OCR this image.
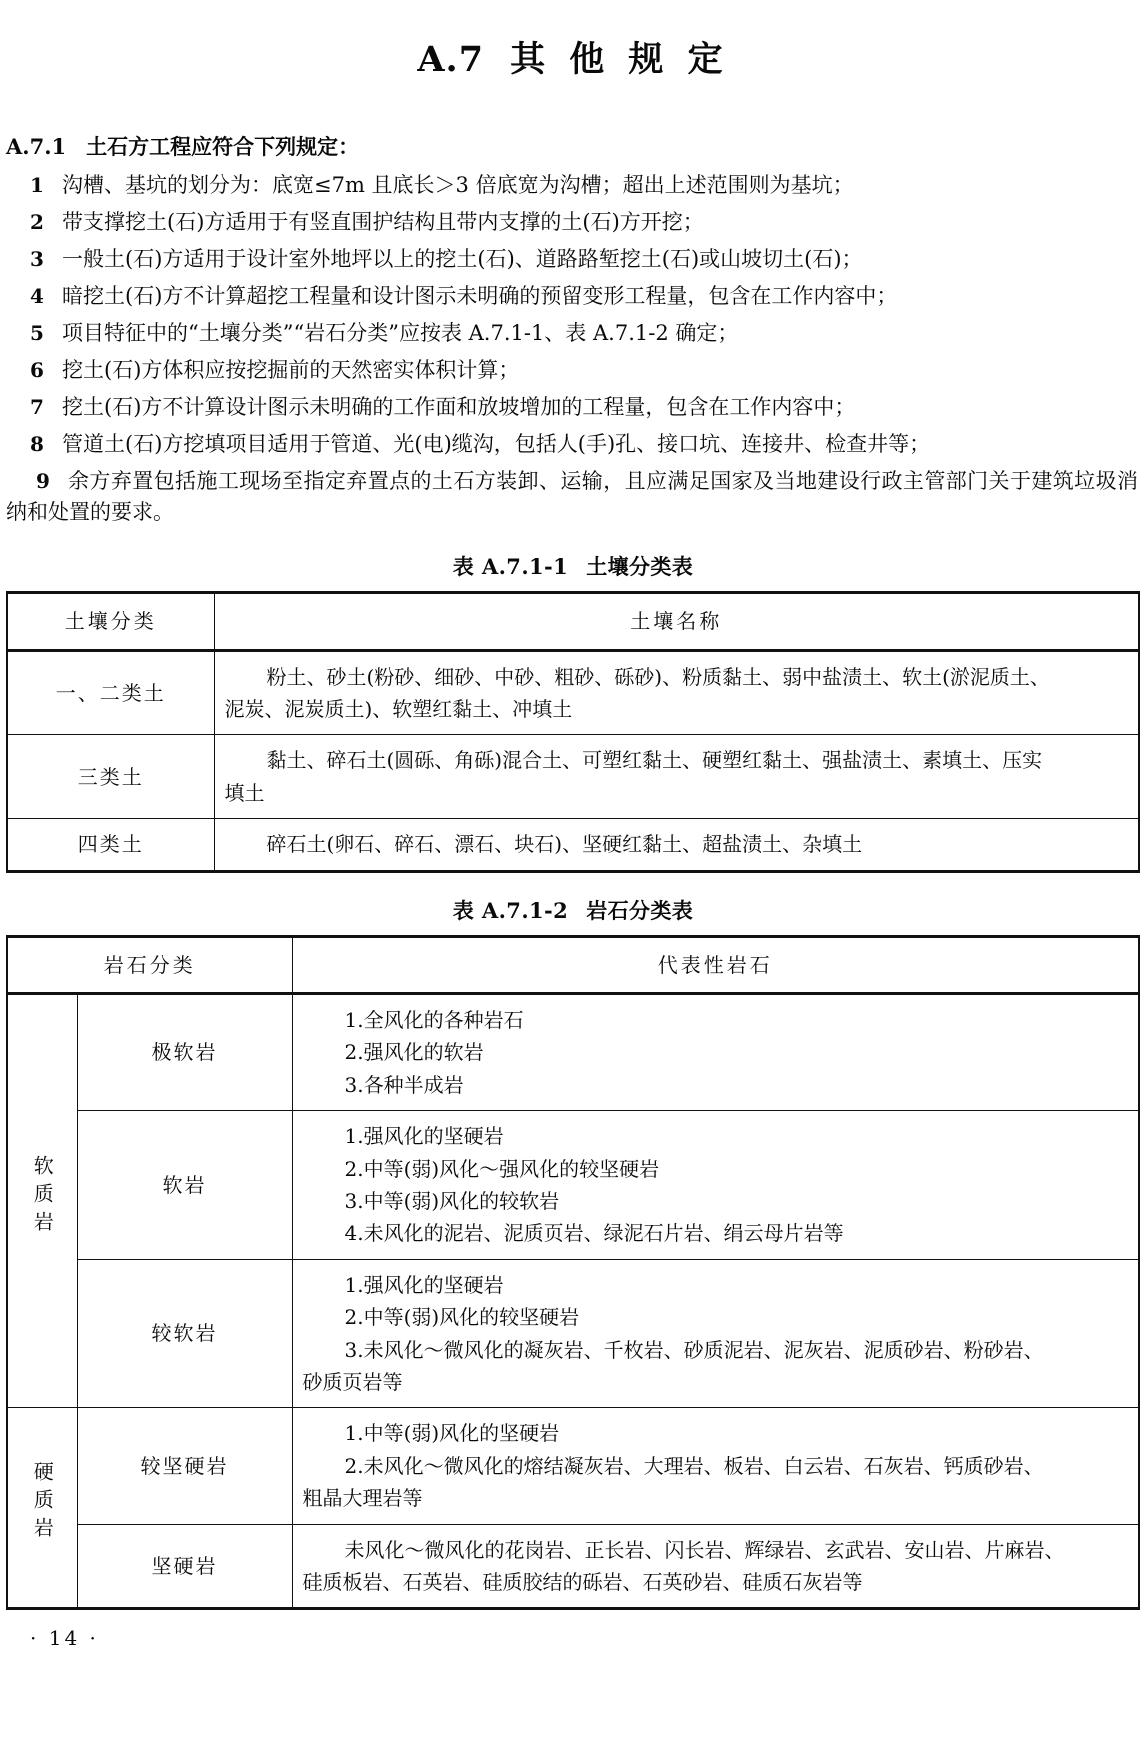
A.7 其 他 规 定
A.7.1 土石方工程应符合下列规定：
1 沟槽、基坑的划分为：底宽≤7m 且底长＞3 倍底宽为沟槽；超出上述范围则为基坑；
2 带支撑挖土(石)方适用于有竖直围护结构且带内支撑的土(石)方开挖；
3 一般土(石)方适用于设计室外地坪以上的挖土(石)、道路路堑挖土(石)或山坡切土(石)；
4 暗挖土(石)方不计算超挖工程量和设计图示未明确的预留变形工程量，包含在工作内容中；
5 项目特征中的“土壤分类”“岩石分类”应按表 A.7.1-1、表 A.7.1-2 确定；
6 挖土(石)方体积应按挖掘前的天然密实体积计算；
7 挖土(石)方不计算设计图示未明确的工作面和放坡增加的工程量，包含在工作内容中；
8 管道土(石)方挖填项目适用于管道、光(电)缆沟，包括人(手)孔、接口坑、连接井、检查井等；
9 余方弃置包括施工现场至指定弃置点的土石方装卸、运输，且应满足国家及当地建设行政主管部门关于建筑垃圾消纳和处置的要求。
表 A.7.1-1 土壤分类表
土壤分类	土壤名称
一、二类土	粉土、砂土(粉砂、细砂、中砂、粗砂、砾砂)、粉质黏土、弱中盐渍土、软土(淤泥质土、
泥炭、泥炭质土)、软塑红黏土、冲填土

三类土	黏土、碎石土(圆砾、角砾)混合土、可塑红黏土、硬塑红黏土、强盐渍土、素填土、压实
填土

四类土	碎石土(卵石、碎石、漂石、块石)、坚硬红黏土、超盐渍土、杂填土
表 A.7.1-2 岩石分类表
岩石分类		代表性岩石
软质岩	极软岩	1.全风化的各种岩石
2.强风化的软岩
3.各种半成岩

	软岩	1.强风化的坚硬岩
2.中等(弱)风化～强风化的较坚硬岩
3.中等(弱)风化的较软岩
4.未风化的泥岩、泥质页岩、绿泥石片岩、绢云母片岩等

	较软岩	1.强风化的坚硬岩
2.中等(弱)风化的较坚硬岩
3.未风化～微风化的凝灰岩、千枚岩、砂质泥岩、泥灰岩、泥质砂岩、粉砂岩、
砂质页岩等

硬质岩	较坚硬岩	1.中等(弱)风化的坚硬岩
2.未风化～微风化的熔结凝灰岩、大理岩、板岩、白云岩、石灰岩、钙质砂岩、
粗晶大理岩等

	坚硬岩	未风化～微风化的花岗岩、正长岩、闪长岩、辉绿岩、玄武岩、安山岩、片麻岩、
硅质板岩、石英岩、硅质胶结的砾岩、石英砂岩、硅质石灰岩等
· 14 ·
